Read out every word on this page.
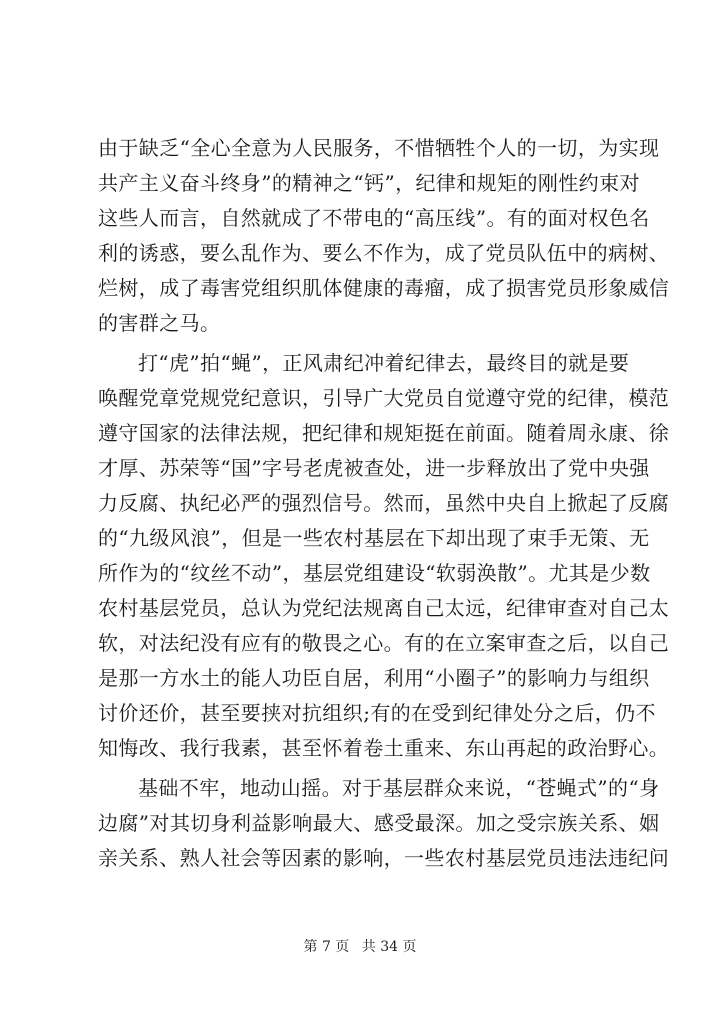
由于缺乏“全心全意为人民服务，不惜牺牲个人的一切，为实现
共产主义奋斗终身”的精神之“钙”，纪律和规矩的刚性约束对
这些人而言，自然就成了不带电的“高压线”。有的面对权色名
利的诱惑，要么乱作为、要么不作为，成了党员队伍中的病树、
烂树，成了毒害党组织肌体健康的毒瘤，成了损害党员形象威信
的害群之马。
打“虎”拍“蝇”，正风肃纪冲着纪律去，最终目的就是要
唤醒党章党规党纪意识，引导广大党员自觉遵守党的纪律，模范
遵守国家的法律法规，把纪律和规矩挺在前面。随着周永康、徐
才厚、苏荣等“国”字号老虎被查处，进一步释放出了党中央强
力反腐、执纪必严的强烈信号。然而，虽然中央自上掀起了反腐
的“九级风浪”，但是一些农村基层在下却出现了束手无策、无
所作为的“纹丝不动”，基层党组建设“软弱涣散”。尤其是少数
农村基层党员，总认为党纪法规离自己太远，纪律审查对自己太
软，对法纪没有应有的敬畏之心。有的在立案审查之后，以自己
是那一方水土的能人功臣自居，利用“小圈子”的影响力与组织
讨价还价，甚至要挟对抗组织;有的在受到纪律处分之后，仍不
知悔改、我行我素，甚至怀着卷土重来、东山再起的政治野心。
基础不牢，地动山摇。对于基层群众来说，“苍蝇式”的“身
边腐”对其切身利益影响最大、感受最深。加之受宗族关系、姻
亲关系、熟人社会等因素的影响，一些农村基层党员违法违纪问
第 7 页 共 34 页
